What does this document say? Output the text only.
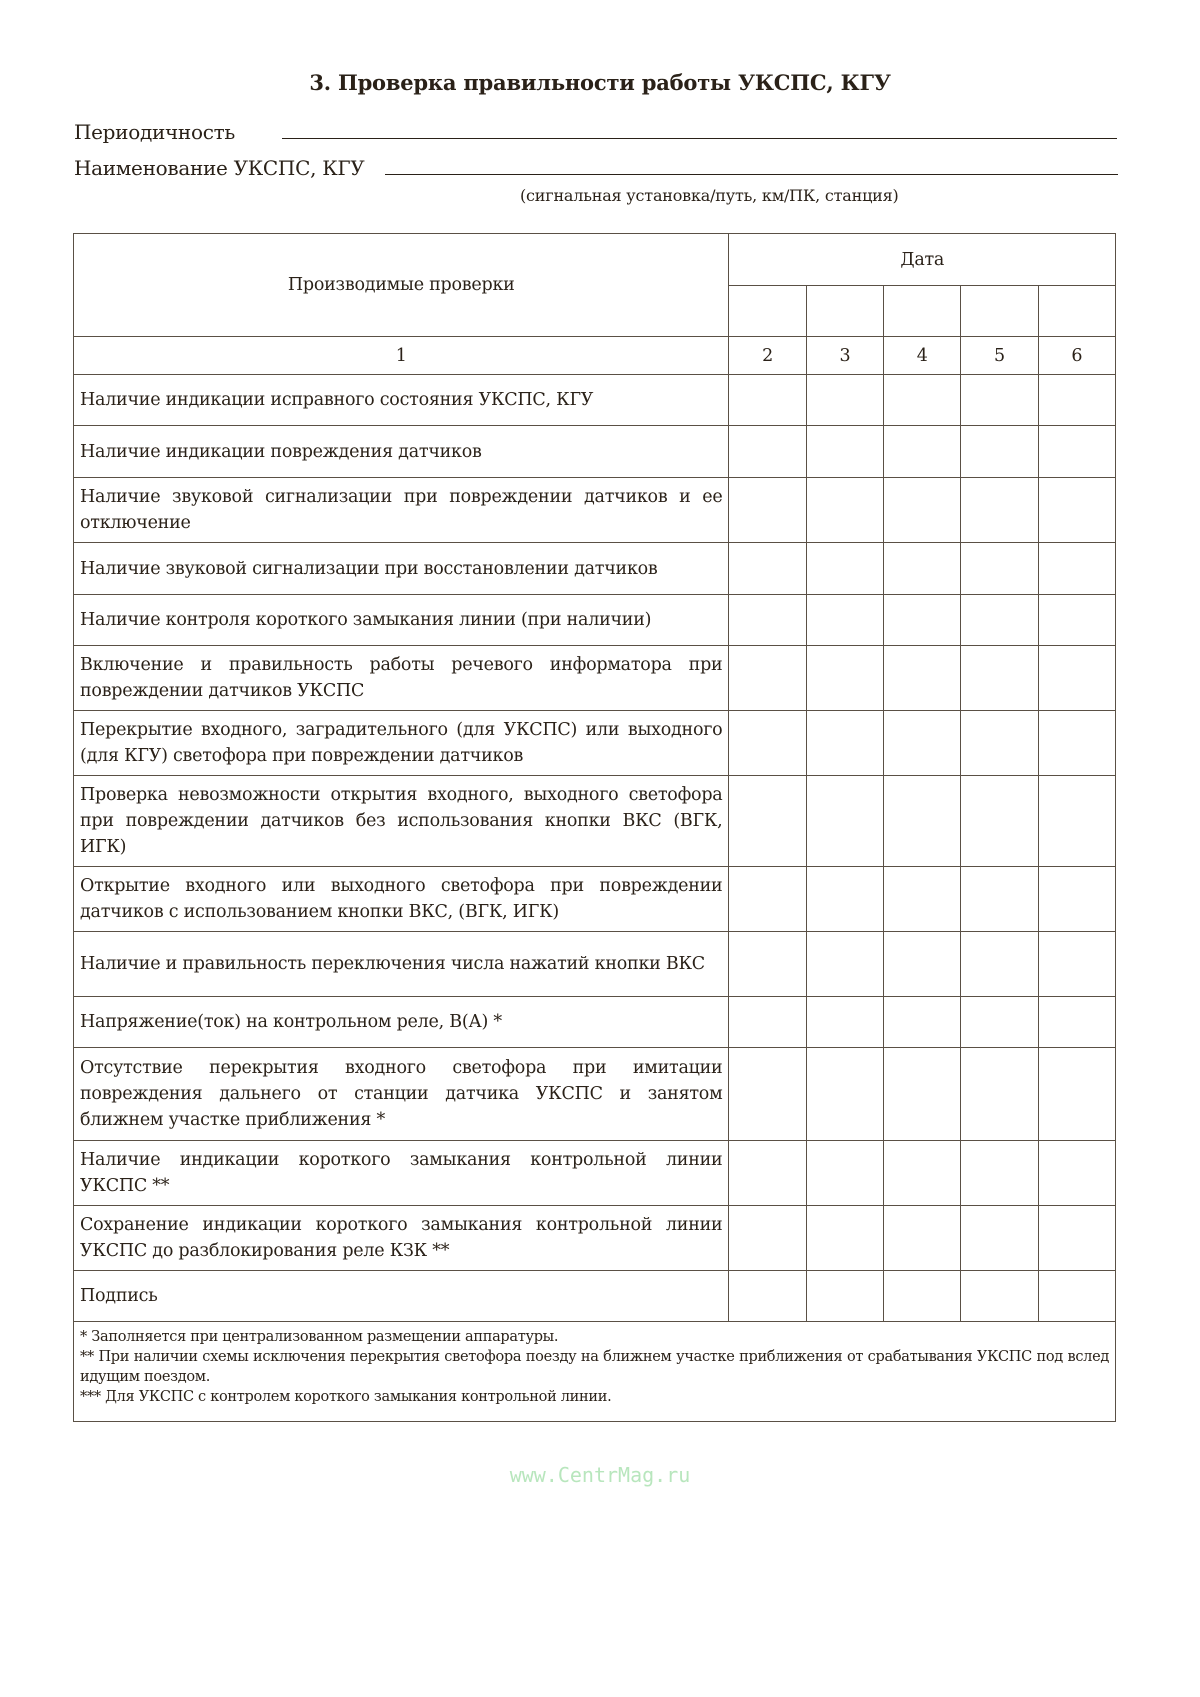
3. Проверка правильности работы УКСПС, КГУ
Периодичность
Наименование УКСПС, КГУ
(сигнальная установка/путь, км/ПК, станция)
Производимые проверки	Дата				

1	2	3	4	5	6
Наличие индикации исправного состояния УКСПС, КГУ					
Наличие индикации повреждения датчиков					
Наличие звуковой сигнализации при повреждении датчиков и ее отключение					
Наличие звуковой сигнализации при восстановлении датчиков					
Наличие контроля короткого замыкания линии (при наличии)					
Включение и правильность работы речевого информатора при повреждении датчиков УКСПС					
Перекрытие входного, заградительного (для УКСПС) или выходного (для КГУ) светофора при повреждении датчиков					
Проверка невозможности открытия входного, выходного светофора при повреждении датчиков без использования кнопки ВКС (ВГК, ИГК)					
Открытие входного или выходного светофора при повреждении датчиков с использованием кнопки ВКС, (ВГК, ИГК)					
Наличие и правильность переключения числа нажатий кнопки ВКС					
Напряжение(ток) на контрольном реле, В(А) *					
Отсутствие перекрытия входного светофора при имитации повреждения дальнего от станции датчика УКСПС и занятом ближнем участке приближения *					
Наличие индикации короткого замыкания контрольной линии УКСПС **					
Сохранение индикации короткого замыкания контрольной линии УКСПС до разблокирования реле КЗК **					
Подпись					
* Заполняется при централизованном размещении аппаратуры.
** При наличии схемы исключения перекрытия светофора поезду на ближнем участке приближения от срабатывания УКСПС под вслед идущим поездом.
*** Для УКСПС с контролем короткого замыкания контрольной линии.
www.CentrMag.ru
